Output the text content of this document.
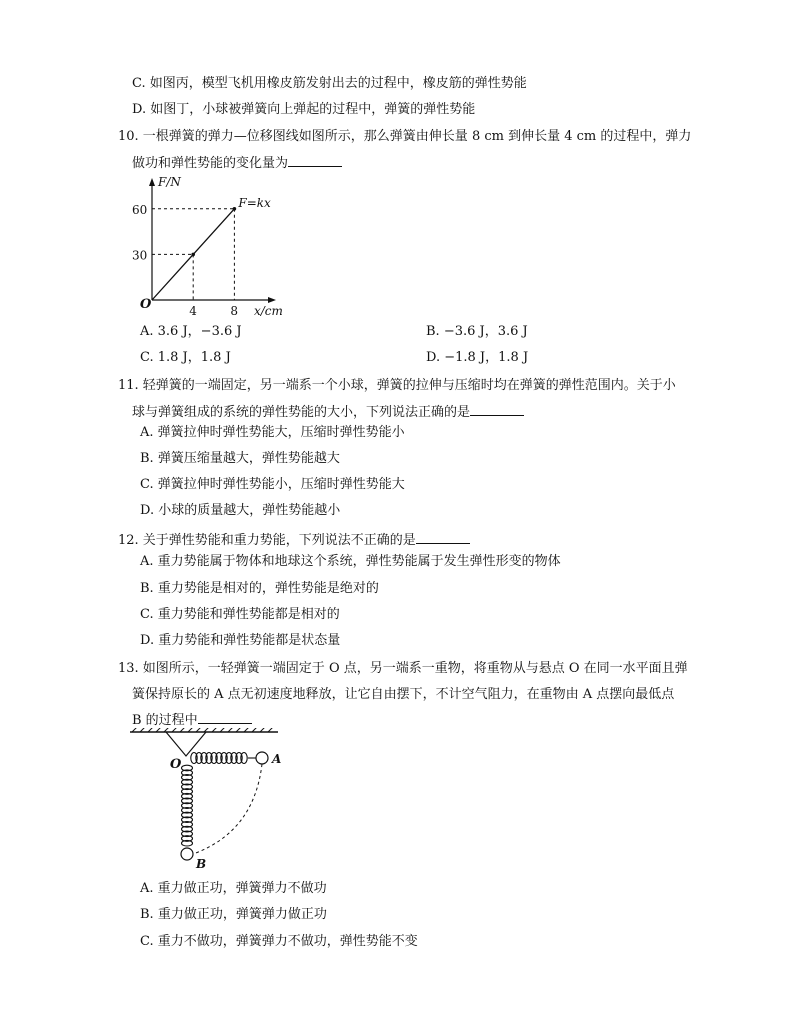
C. 如图丙，模型飞机用橡皮筋发射出去的过程中，橡皮筋的弹性势能
D. 如图丁，小球被弹簧向上弹起的过程中，弹簧的弹性势能
10. 一根弹簧的弹力—位移图线如图所示，那么弹簧由伸长量 8 cm 到伸长量 4 cm 的过程中，弹力
做功和弹性势能的变化量为
60
30
4	8
O	x/cm
F/N
F=kx
A. 3.6 J，−3.6 J	B. −3.6 J，3.6 J
C. 1.8 J，1.8 J	D. −1.8 J，1.8 J
11. 轻弹簧的一端固定，另一端系一个小球，弹簧的拉伸与压缩时均在弹簧的弹性范围内。关于小
球与弹簧组成的系统的弹性势能的大小，下列说法正确的是
A. 弹簧拉伸时弹性势能大，压缩时弹性势能小
B. 弹簧压缩量越大，弹性势能越大
C. 弹簧拉伸时弹性势能小，压缩时弹性势能大
D. 小球的质量越大，弹性势能越小
12. 关于弹性势能和重力势能，下列说法不正确的是
A. 重力势能属于物体和地球这个系统，弹性势能属于发生弹性形变的物体
B. 重力势能是相对的，弹性势能是绝对的
C. 重力势能和弹性势能都是相对的
D. 重力势能和弹性势能都是状态量
13. 如图所示，一轻弹簧一端固定于 O 点，另一端系一重物，将重物从与悬点 O 在同一水平面且弹
簧保持原长的 A 点无初速度地释放，让它自由摆下，不计空气阻力，在重物由 A 点摆向最低点
B 的过程中
O	A
B
A. 重力做正功，弹簧弹力不做功
B. 重力做正功，弹簧弹力做正功
C. 重力不做功，弹簧弹力不做功，弹性势能不变
